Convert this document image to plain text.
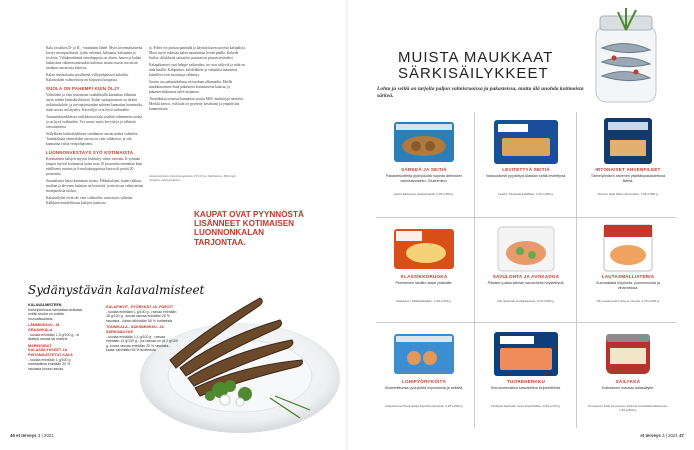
Kala on tärkeä D- ja B₁₂-vitamiinin lähde. Myös kivennäisaineita kertyy monipuolisesti: jodia, seleeniä, kaliumia, kalsiumia ja fosforia. Välttämättömiä rasvahappoja on ahven, hauen ja kuhan kaltaisissa vähärasvaisissakin kaloissa, mutta suurin osa niistä saadaan rasvaisista kaloista.

Kalan ravintokuitu tavallisesti yöllypohjaiseen kaloihin. Kalaruokien vaihtoehtoja on kirjavasti kaupassa.

SUOLA ON PAHEMPI KUIN ÖLJY

Valmiiden ja vain mitoistaan vauhdittaillä kannattaa vilkaista myös niiden kalaisäilykkeistä. Kalan suolapitoisuus on tärkeä tarkistuskohde, ja rasvapitoisuuden suhteen kannattaa huomioida, mitä rasvaa on käytetty. Kasviöljyt ovat hyvä vaihtoehto.

Tomaattikastikkeissa säilykkeissä kala sisältää vähemmän suolaa ja on hyvä vaihtoehto. Voi suosia myös kevyitä ja ja vähäisiä rasvatuotteita.

Säilykkeen kalaisäilykkeen sisältämän rasvan määrä vaihtelee. Tonnikalassa esimerkiksi rasvaa on vain vähäisesti, ja sitä kannattaa valita vesipohjaisena.

LUONNONVESTÄYS SYÖ KOTIMAISTA

Kotimaisten kalojen myynti lisääntyy viime vuosina. K-ryhmän kaupat myivät kotimaista kalaa noin 10 prosenttia enemmän kuin edellisenä vuonna ja S-ruokakauppoissa kasvu oli peräti 20 prosenttia.

Suomalaista kalaa kannattaa suosia. Pikkukalojen, kuten silakan, muikun ja ahvenen kalastus on kestävää, ja niistä saa valmistettua monipuolisia ruokia.

Kalaisäilyket eivät ole vain vaihtoehto vaan myös valintaa. Kalkkien mahdollisuus kalojen joukossa.

ta. Fileet voi paistaa pannulla ja käyttää kuten tuoreita kalapaloja. Moni myös rakastaa kalan nauttimista leivän päällä. Kokeile lisäksi säilykkeitä salaattiin, pastaan tai pizzan täytteeksi.

Kalapakasteet ovat helppo vaihtoehto, ne ovat säilyviä ja niitä on aina käsillä. Kalapuikot, kalaleikkeet ja valmiiksi maustetut kalafileet ovat suosittuja valintoja.

Suurin osa pakastekalasta on tuodaan ulkomailta. Meille markkinoimme lisää pakasteita kotimaisesta kalasta, ja pakastevalikoimaa tulee laajentaa.

Tuontikalaa ostaessa kannattaa suosia MSC-merkittyjä tuotteita. Merkki kertoo, että kala on pyydetty kestävästi ja ympäristöä kunnioittaen.

Asiantuntijoina yliopistonopettaja, ETL Eeva Voutilainen, Helsingin yliopisto, Avainyliopisto.
KAUPAT OVAT PYYNNÖSTÄ LISÄNNEET KOTIMAISEN LUONNONKALAN TARJONTAA.
Sydänystävän kalavalmisteet
KALAVALMISTEEN fosforipitoisuus kannattaa tarkistaa, mikäli sinulla on todettu munuaissairaus.
LÄMMINSAVU- JA GRAAVIKALA
- suolaa enintään 1,5 g/100 g - ei lisättyä rasvaa tai sokeria
MARINOIDUT KALASÄILYKKEET JA PINTAMAUSTETUT KALA
- suolaa enintään 1 g/100 g - marinadissa enintään 20 % rasvasta kovaa rasvaa
KALAPIHVIT, -PYÖRYKÄT JA -PUIKOT
- suolaa enintään 1 g/100 g - rasvaa enintään 18 g/100 g - kovaa rasvaa enintään 25 % rasvasta - kalaa vähintään 55 % tuotteesta
TONNIKALA-, SAKSIMUIKKU- JA SÄRKISÄILYKE
- suolaa enintään 1,1 g/100 g - rasvaa enintään 12 g/100 g - jos rasvaa on yli 2 g/100 g, kovaa rasvaa enintään 25 % rasvasta - kalaa vähintään 55 % tuotteesta
46 et terveys 3 | 2021
MUISTA MAUKKAAT SÄRKISÄILYKKEET
Lohta ja seitiä on tarjolla paljon valmisruoissa ja pakasteissa, mutta älä unohda kotimaista särkeä.
SÄRKEÄ JA SEITIÄ
Pakastetuotteita pyörykköitä nopeaa aterioiden valmistamiseen. Gluteeniton.
Apetit Särkiseen kalapyörykät, 2,85 e/360 g.
LEVITETTYÄ SEITIÄ
Vastuullisesti pyydettyä Alaskan seitiä levitettynä.
Findus Tiiviskala kalafileet, 3,29 e/300 g.
IRTONAISET AHVENFILEET
Tämmyilmisen ahvenen yksittäispakastettuna fileinä.
Heimon Kala Pikku Ahvenfilee, 7,99 e/300 g.
KLASSIKKORUOKA
Perinteinen lasitiko alaiai ystävälle.
Saarioinen Silakkalaatikko, 2,99 e/350 g.
SAVULOHTA JA AVOKADOA
Pikaisen pasta-aterian savulohella höystettynä.
Viio Savulohi avokadopasta, 4,25 e/300 g.
LAUTASMALLIATERIA
Suomalaista kirjolohta, juuresmuusia ja vihanneksia.
HK Lautasmalli Lohta ja muusia, 4,15 e/350 g.
LOHIPYÖRYKÖITÄ
Gluteenittomia pyöryköitä kirjolohesta ja seitistä.
Chipsterfood Hyvä Apaja Kirjolohi-pyörykät, 3,95 e/300 g.
TUOREHERKKU
Kierrosmenäkeä kasvatettua kirjolohifileita.
Findfood Saimaan tuore kirjolohifilee, 6,50 e/170 g.
SÄILYKKÄ
Kotimainen maukas kalasäilyke.
Kuusamon Kala Kuusamon särkiset tomaattikastikkeessa, 7,49 e/300 g.
et terveys 3 | 2021 47
